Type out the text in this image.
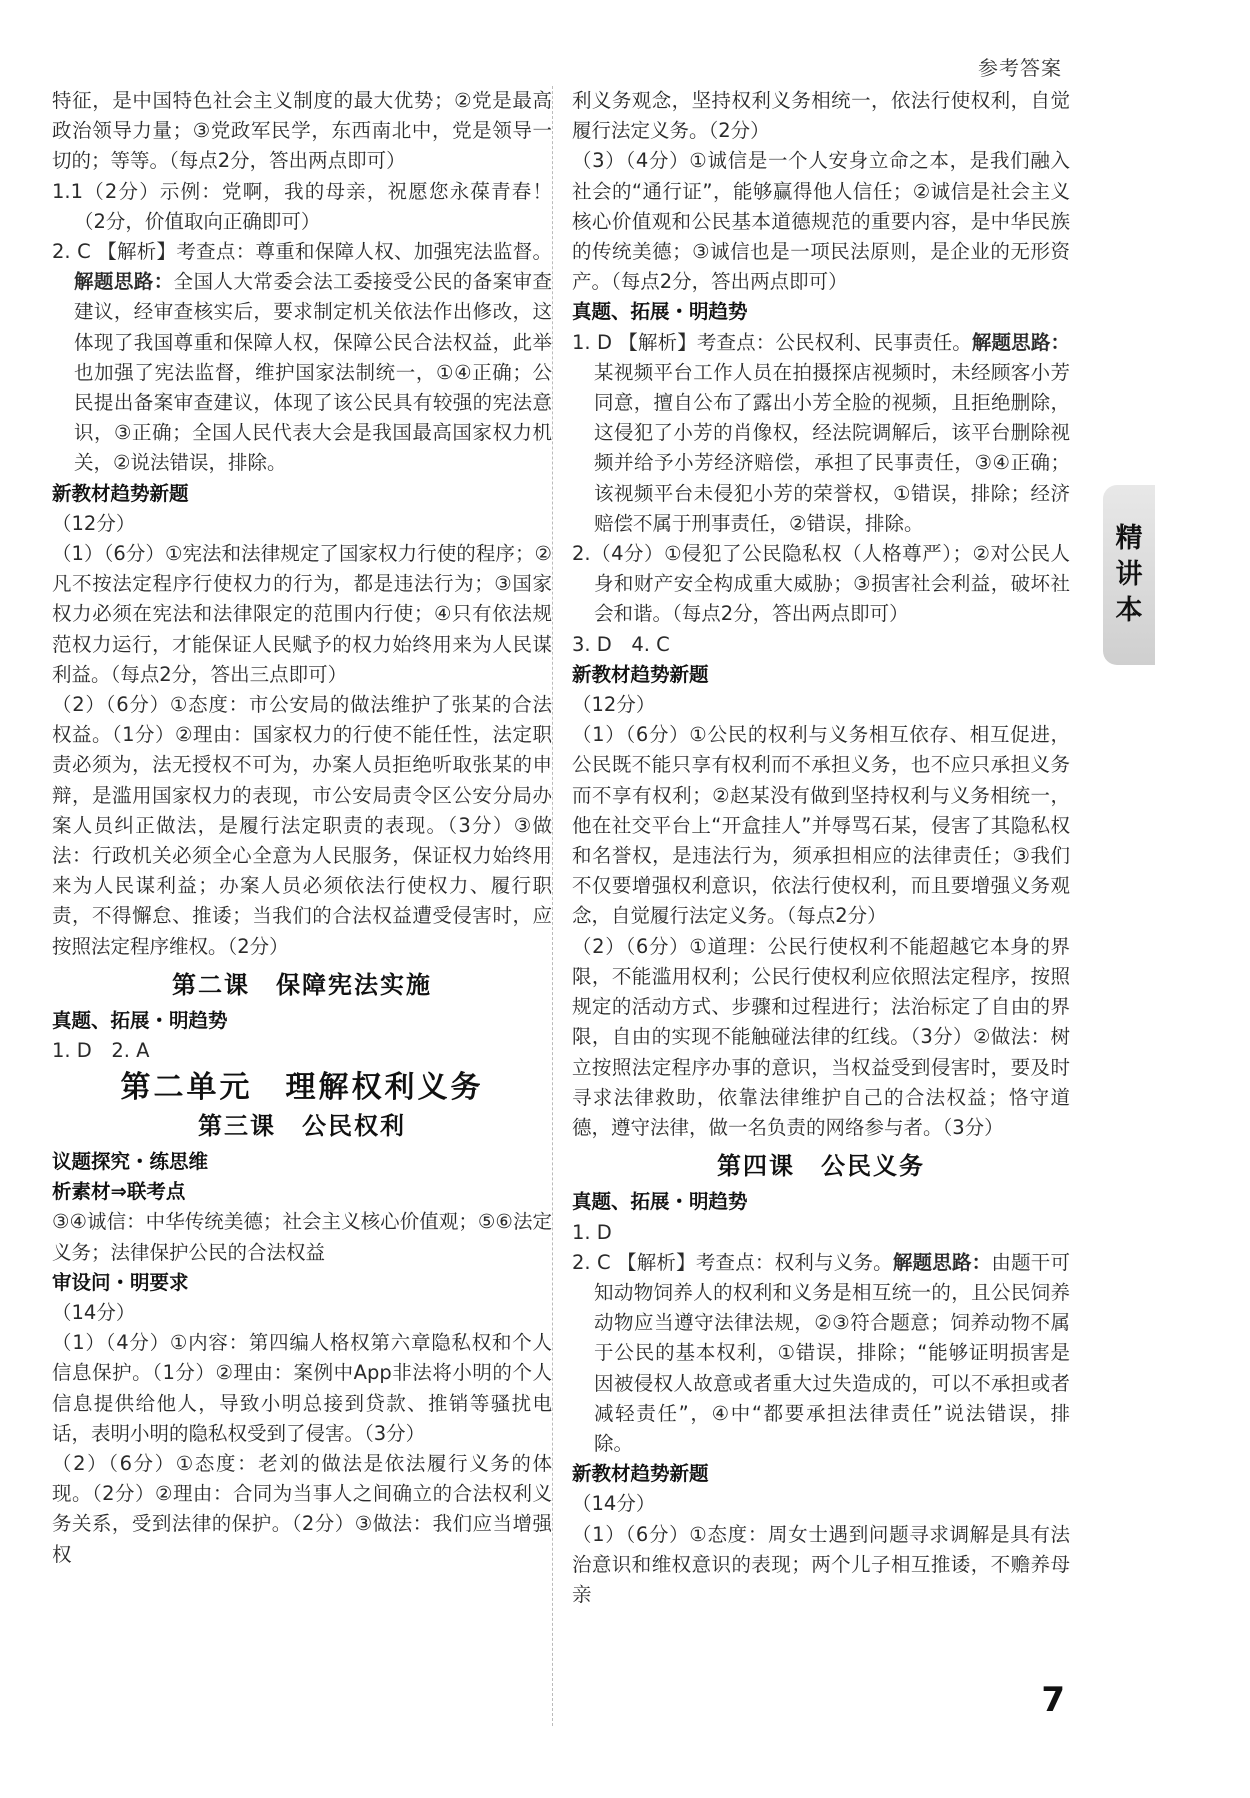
参考答案

特征，是中国特色社会主义制度的最大优势；②党是最高政治领导力量；③党政军民学，东西南北中，党是领导一切的；等等。（每点2分，答出两点即可）

1.1（2分）示例：党啊，我的母亲，祝愿您永葆青春！（2分，价值取向正确即可）

2. C 【解析】考查点：尊重和保障人权、加强宪法监督。解题思路：全国人大常委会法工委接受公民的备案审查建议，经审查核实后，要求制定机关依法作出修改，这体现了我国尊重和保障人权，保障公民合法权益，此举也加强了宪法监督，维护国家法制统一，①④正确；公民提出备案审查建议，体现了该公民具有较强的宪法意识，③正确；全国人民代表大会是我国最高国家权力机关，②说法错误，排除。

新教材趋势新题

（12分）

（1）（6分）①宪法和法律规定了国家权力行使的程序；②凡不按法定程序行使权力的行为，都是违法行为；③国家权力必须在宪法和法律限定的范围内行使；④只有依法规范权力运行，才能保证人民赋予的权力始终用来为人民谋利益。（每点2分，答出三点即可）

（2）（6分）①态度：市公安局的做法维护了张某的合法权益。（1分）②理由：国家权力的行使不能任性，法定职责必须为，法无授权不可为，办案人员拒绝听取张某的申辩，是滥用国家权力的表现，市公安局责令区公安分局办案人员纠正做法，是履行法定职责的表现。（3分）③做法：行政机关必须全心全意为人民服务，保证权力始终用来为人民谋利益；办案人员必须依法行使权力、履行职责，不得懈怠、推诿；当我们的合法权益遭受侵害时，应按照法定程序维权。（2分）

第二课　保障宪法实施

真题、拓展・明趋势

1. D　2. A

第二单元　理解权利义务
第三课　公民权利

议题探究・练思维

析素材⇒联考点

③④诚信：中华传统美德；社会主义核心价值观；⑤⑥法定义务；法律保护公民的合法权益

审设问・明要求

（14分）

（1）（4分）①内容：第四编人格权第六章隐私权和个人信息保护。（1分）②理由：案例中App非法将小明的个人信息提供给他人，导致小明总接到贷款、推销等骚扰电话，表明小明的隐私权受到了侵害。（3分）

（2）（6分）①态度：老刘的做法是依法履行义务的体现。（2分）②理由：合同为当事人之间确立的合法权利义务关系，受到法律的保护。（2分）③做法：我们应当增强权

利义务观念，坚持权利义务相统一，依法行使权利，自觉履行法定义务。（2分）

（3）（4分）①诚信是一个人安身立命之本，是我们融入社会的“通行证”，能够赢得他人信任；②诚信是社会主义核心价值观和公民基本道德规范的重要内容，是中华民族的传统美德；③诚信也是一项民法原则，是企业的无形资产。（每点2分，答出两点即可）

真题、拓展・明趋势

1. D 【解析】考查点：公民权利、民事责任。解题思路：某视频平台工作人员在拍摄探店视频时，未经顾客小芳同意，擅自公布了露出小芳全脸的视频，且拒绝删除，这侵犯了小芳的肖像权，经法院调解后，该平台删除视频并给予小芳经济赔偿，承担了民事责任，③④正确；该视频平台未侵犯小芳的荣誉权，①错误，排除；经济赔偿不属于刑事责任，②错误，排除。

2.（4分）①侵犯了公民隐私权（人格尊严）；②对公民人身和财产安全构成重大威胁；③损害社会利益，破坏社会和谐。（每点2分，答出两点即可）

3. D　4. C

新教材趋势新题

（12分）

（1）（6分）①公民的权利与义务相互依存、相互促进，公民既不能只享有权利而不承担义务，也不应只承担义务而不享有权利；②赵某没有做到坚持权利与义务相统一，他在社交平台上“开盒挂人”并辱骂石某，侵害了其隐私权和名誉权，是违法行为，须承担相应的法律责任；③我们不仅要增强权利意识，依法行使权利，而且要增强义务观念，自觉履行法定义务。（每点2分）

（2）（6分）①道理：公民行使权利不能超越它本身的界限，不能滥用权利；公民行使权利应依照法定程序，按照规定的活动方式、步骤和过程进行；法治标定了自由的界限，自由的实现不能触碰法律的红线。（3分）②做法：树立按照法定程序办事的意识，当权益受到侵害时，要及时寻求法律救助，依靠法律维护自己的合法权益；恪守道德，遵守法律，做一名负责的网络参与者。（3分）

第四课　公民义务

真题、拓展・明趋势

1. D

2. C 【解析】考查点：权利与义务。解题思路：由题干可知动物饲养人的权利和义务是相互统一的，且公民饲养动物应当遵守法律法规，②③符合题意；饲养动物不属于公民的基本权利，①错误，排除；“能够证明损害是因被侵权人故意或者重大过失造成的，可以不承担或者减轻责任”，④中“都要承担法律责任”说法错误，排除。

新教材趋势新题

（14分）

（1）（6分）①态度：周女士遇到问题寻求调解是具有法治意识和维权意识的表现；两个儿子相互推诿，不赡养母亲

精
讲
本
7
